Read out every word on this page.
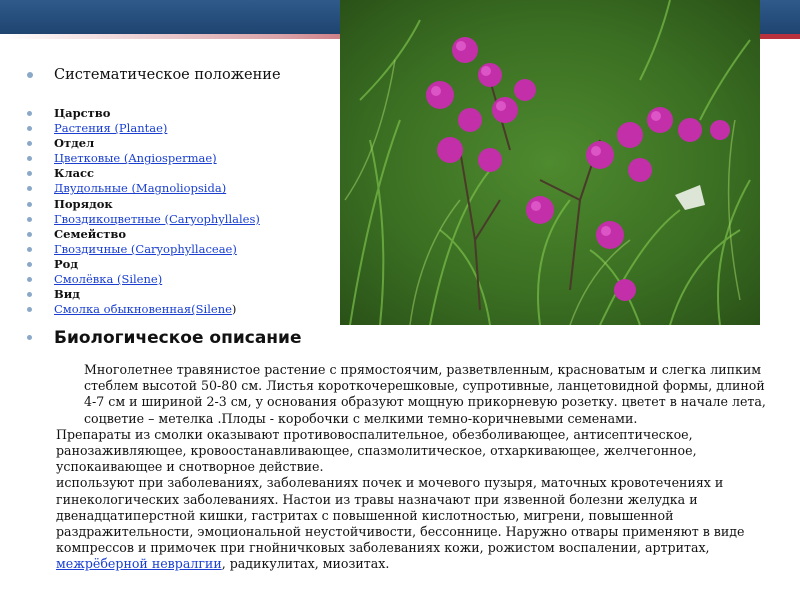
Систематическое положение
Царство
Растения (Plantae)
Отдел
Цветковые (Angiospermae)
Класс
Двудольные (Magnoliopsida)
Порядок
Гвоздикоцветные (Caryophyllales)
Семейство
Гвоздичные (Caryophyllaceae)
Род
Смолёвка (Silene)
Вид
Смолка обыкновенная(Silene)
Биологическое описание

Многолетнее травянистое растение с прямостоячим, разветвленным, красноватым и слегка липким стеблем высотой 50-80 см. Листья короткочерешковые, супротивные, ланцетовидной формы, длиной 4-7 см и шириной 2-3 см, у основания образуют мощную прикорневую розетку. цветет в начале лета, соцветие – метелка .Плоды - коробочки с мелкими темно-коричневыми семенами.

Препараты из смолки оказывают противовоспалительное, обезболивающее, антисептическое, ранозаживляющее, кровоостанавливающее, спазмолитическое, отхаркивающее, желчегонное, успокаивающее и снотворное действие.

используют при заболеваниях, заболеваниях почек и мочевого пузыря, маточных кровотечениях и гинекологических заболеваниях. Настои из травы назначают при язвенной болезни желудка и двенадцатиперстной кишки, гастритах с повышенной кислотностью, мигрени, повышенной раздражительности, эмоциональной неустойчивости, бессоннице. Наружно отвары применяют в виде компрессов и примочек при гнойничковых заболеваниях кожи, рожистом воспалении, артритах, межрёберной невралгии, радикулитах, миозитах.
